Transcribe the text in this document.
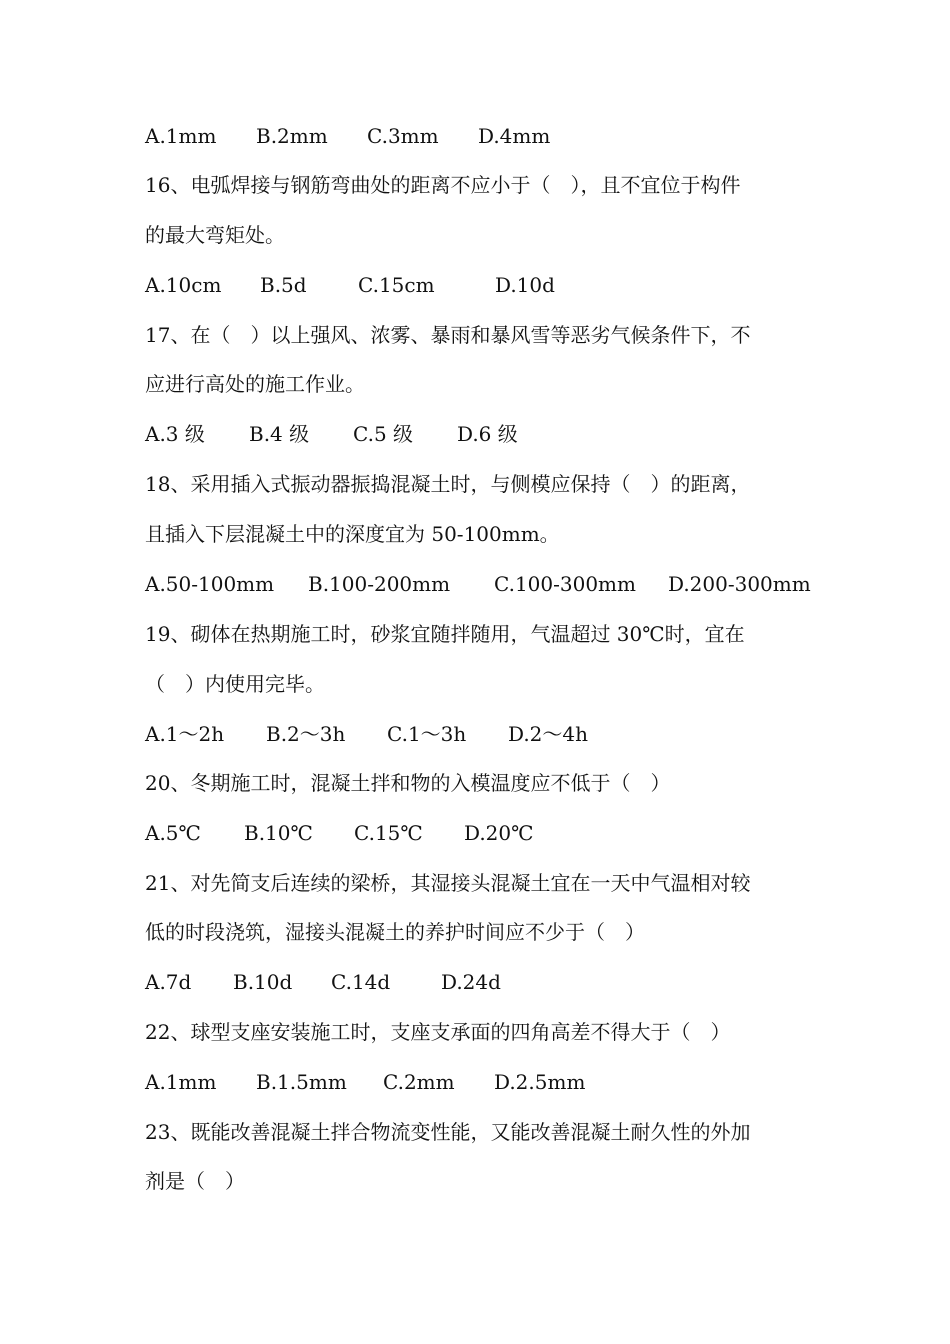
A.1mm	B.2mm	C.3mm	D.4mm
16、电弧焊接与钢筋弯曲处的距离不应小于（　），且不宜位于构件
的最大弯矩处。
A.10cm	B.5d	C.15cm	D.10d
17、在（　）以上强风、浓雾、暴雨和暴风雪等恶劣气候条件下，不
应进行高处的施工作业。
A.3 级	B.4 级	C.5 级	D.6 级
18、采用插入式振动器振捣混凝土时，与侧模应保持（　）的距离，
且插入下层混凝土中的深度宜为 50-100mm。
A.50-100mm	B.100-200mm	C.100-300mm	D.200-300mm
19、砌体在热期施工时，砂浆宜随拌随用，气温超过 30℃时，宜在
（　）内使用完毕。
A.1～2h	B.2～3h	C.1～3h	D.2～4h
20、冬期施工时，混凝土拌和物的入模温度应不低于（　）
A.5℃	B.10℃	C.15℃	D.20℃
21、对先简支后连续的梁桥，其湿接头混凝土宜在一天中气温相对较
低的时段浇筑，湿接头混凝土的养护时间应不少于（　）
A.7d	B.10d	C.14d	D.24d
22、球型支座安装施工时，支座支承面的四角高差不得大于（　）
A.1mm	B.1.5mm	C.2mm	D.2.5mm
23、既能改善混凝土拌合物流变性能，又能改善混凝土耐久性的外加
剂是（　）
